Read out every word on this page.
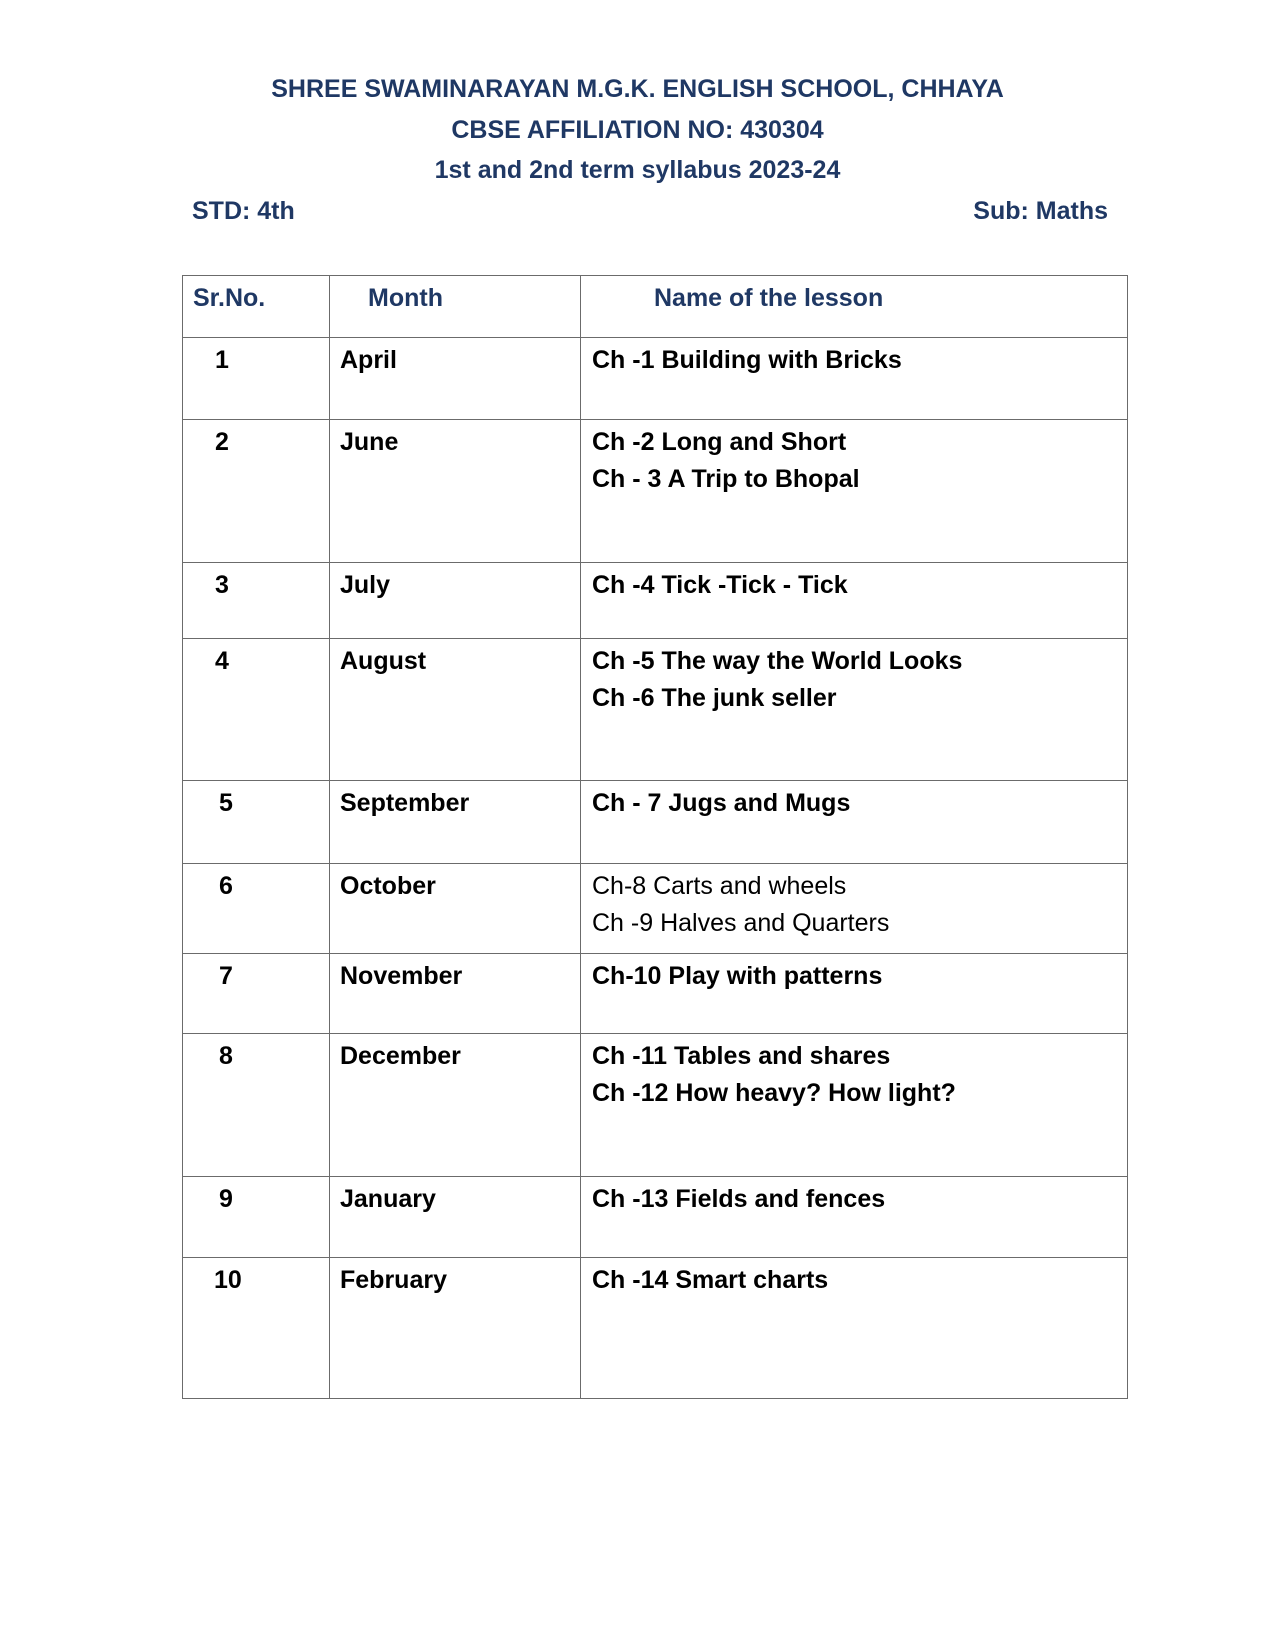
SHREE SWAMINARAYAN M.G.K. ENGLISH SCHOOL, CHHAYA
CBSE AFFILIATION NO: 430304
1st and 2nd term syllabus 2023-24
STD: 4th	Sub: Maths
Sr.No.	Month	Name of the lesson
1	April	Ch -1 Building with Bricks

2	June	Ch -2 Long and Short
Ch - 3 A Trip to Bhopal

3	July	Ch -4 Tick -Tick - Tick

4	August	Ch -5 The way the World Looks
Ch -6 The junk seller

5	September	Ch - 7 Jugs and Mugs

6	October	Ch-8 Carts and wheels
Ch -9 Halves and Quarters

7	November	Ch-10 Play with patterns

8	December	Ch -11 Tables and shares
Ch -12 How heavy? How light?

9	January	Ch -13 Fields and fences

10	February	Ch -14 Smart charts
